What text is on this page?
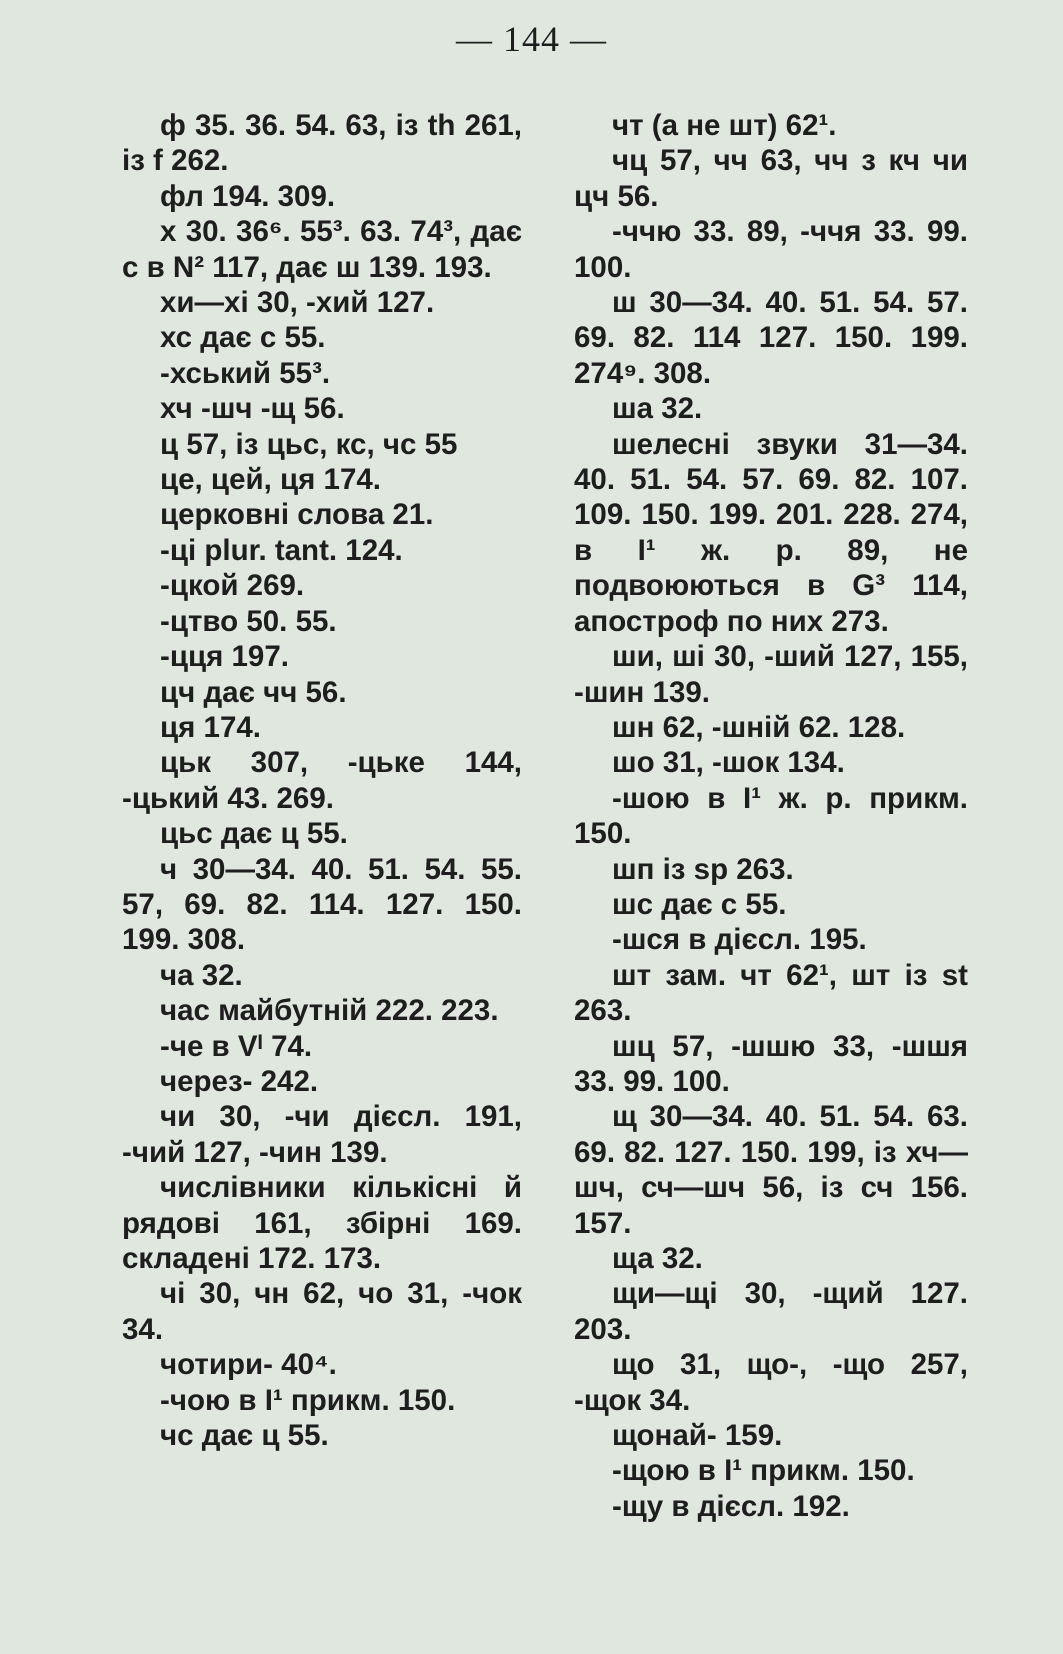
— 144 —

ф 35. 36. 54. 63, із th 261, із f 262.

фл 194. 309.

х 30. 36⁶. 55³. 63. 74³, дає с в N² 117, дає ш 139. 193.

хи—хі 30, -хий 127.

хс дає с 55.

-хський 55³.

хч -шч -щ 56.

ц 57, із цьс, кс, чс 55

це, цей, ця 174.

церковні слова 21.

-ці plur. tant. 124.

-цкой 269.

-цтво 50. 55.

-цця 197.

цч дає чч 56.

ця 174.

цьк 307, -цьке 144, -цький 43. 269.

цьс дає ц 55.

ч 30—34. 40. 51. 54. 55. 57, 69. 82. 114. 127. 150. 199. 308.

ча 32.

час майбутній 222. 223.

-че в Vᴵ 74.

через- 242.

чи 30, -чи дієсл. 191, -чий 127, -чин 139.

числівники кількісні й рядові 161, збірні 169. складені 172. 173.

чі 30, чн 62, чо 31, -чок 34.

чотири- 40⁴.

-чою в І¹ прикм. 150.

чс дає ц 55.

чт (а не шт) 62¹.

чц 57, чч 63, чч з кч чи цч 56.

-ччю 33. 89, -ччя 33. 99. 100.

ш 30—34. 40. 51. 54. 57. 69. 82. 114 127. 150. 199. 274⁹. 308.

ша 32.

шелесні звуки 31—34. 40. 51. 54. 57. 69. 82. 107. 109. 150. 199. 201. 228. 274, в І¹ ж. р. 89, не подвоюються в G³ 114, апостроф по них 273.

ши, ші 30, -ший 127, 155, -шин 139.

шн 62, -шній 62. 128.

шо 31, -шок 134.

-шою в І¹ ж. р. прикм. 150.

шп із sp 263.

шс дає с 55.

-шся в дієсл. 195.

шт зам. чт 62¹, шт із st 263.

шц 57, -шшю 33, -шшя 33. 99. 100.

щ 30—34. 40. 51. 54. 63. 69. 82. 127. 150. 199, із хч—шч, сч—шч 56, із сч 156. 157.

ща 32.

щи—щі 30, -щий 127. 203.

що 31, що-, -що 257, -щок 34.

щонай- 159.

-щою в І¹ прикм. 150.

-щу в дієсл. 192.
